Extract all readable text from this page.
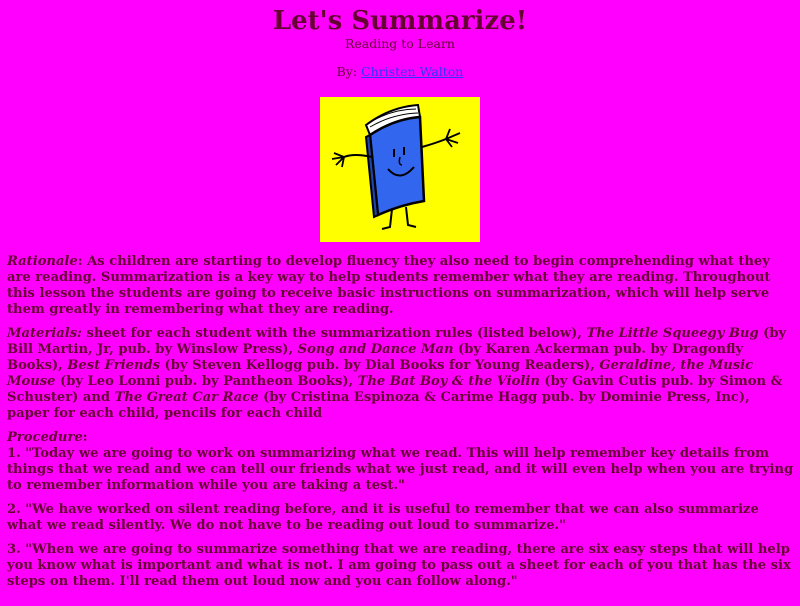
Let's Summarize!
Reading to Learn
By: Christen Walton

Rationale: As children are starting to develop fluency they also need to begin comprehending what they are reading. Summarization is a key way to help students remember what they are reading. Throughout this lesson the students are going to receive basic instructions on summarization, which will help serve them greatly in remembering what they are reading.

Materials: sheet for each student with the summarization rules (listed below), The Little Squeegy Bug (by Bill Martin, Jr, pub. by Winslow Press), Song and Dance Man (by Karen Ackerman pub. by Dragonfly Books), Best Friends (by Steven Kellogg pub. by Dial Books for Young Readers), Geraldine, the Music Mouse (by Leo Lonni pub. by Pantheon Books), The Bat Boy & the Violin (by Gavin Cutis pub. by Simon & Schuster) and The Great Car Race (by Cristina Espinoza & Carime Hagg pub. by Dominie Press, Inc), paper for each child, pencils for each child

Procedure:
1. "Today we are going to work on summarizing what we read. This will help remember key details from things that we read and we can tell our friends what we just read, and it will even help when you are trying to remember information while you are taking a test."

2. "We have worked on silent reading before, and it is useful to remember that we can also summarize what we read silently. We do not have to be reading out loud to summarize."

3. "When we are going to summarize something that we are reading, there are six easy steps that will help you know what is important and what is not. I am going to pass out a sheet for each of you that has the six steps on them. I'll read them out loud now and you can follow along."
